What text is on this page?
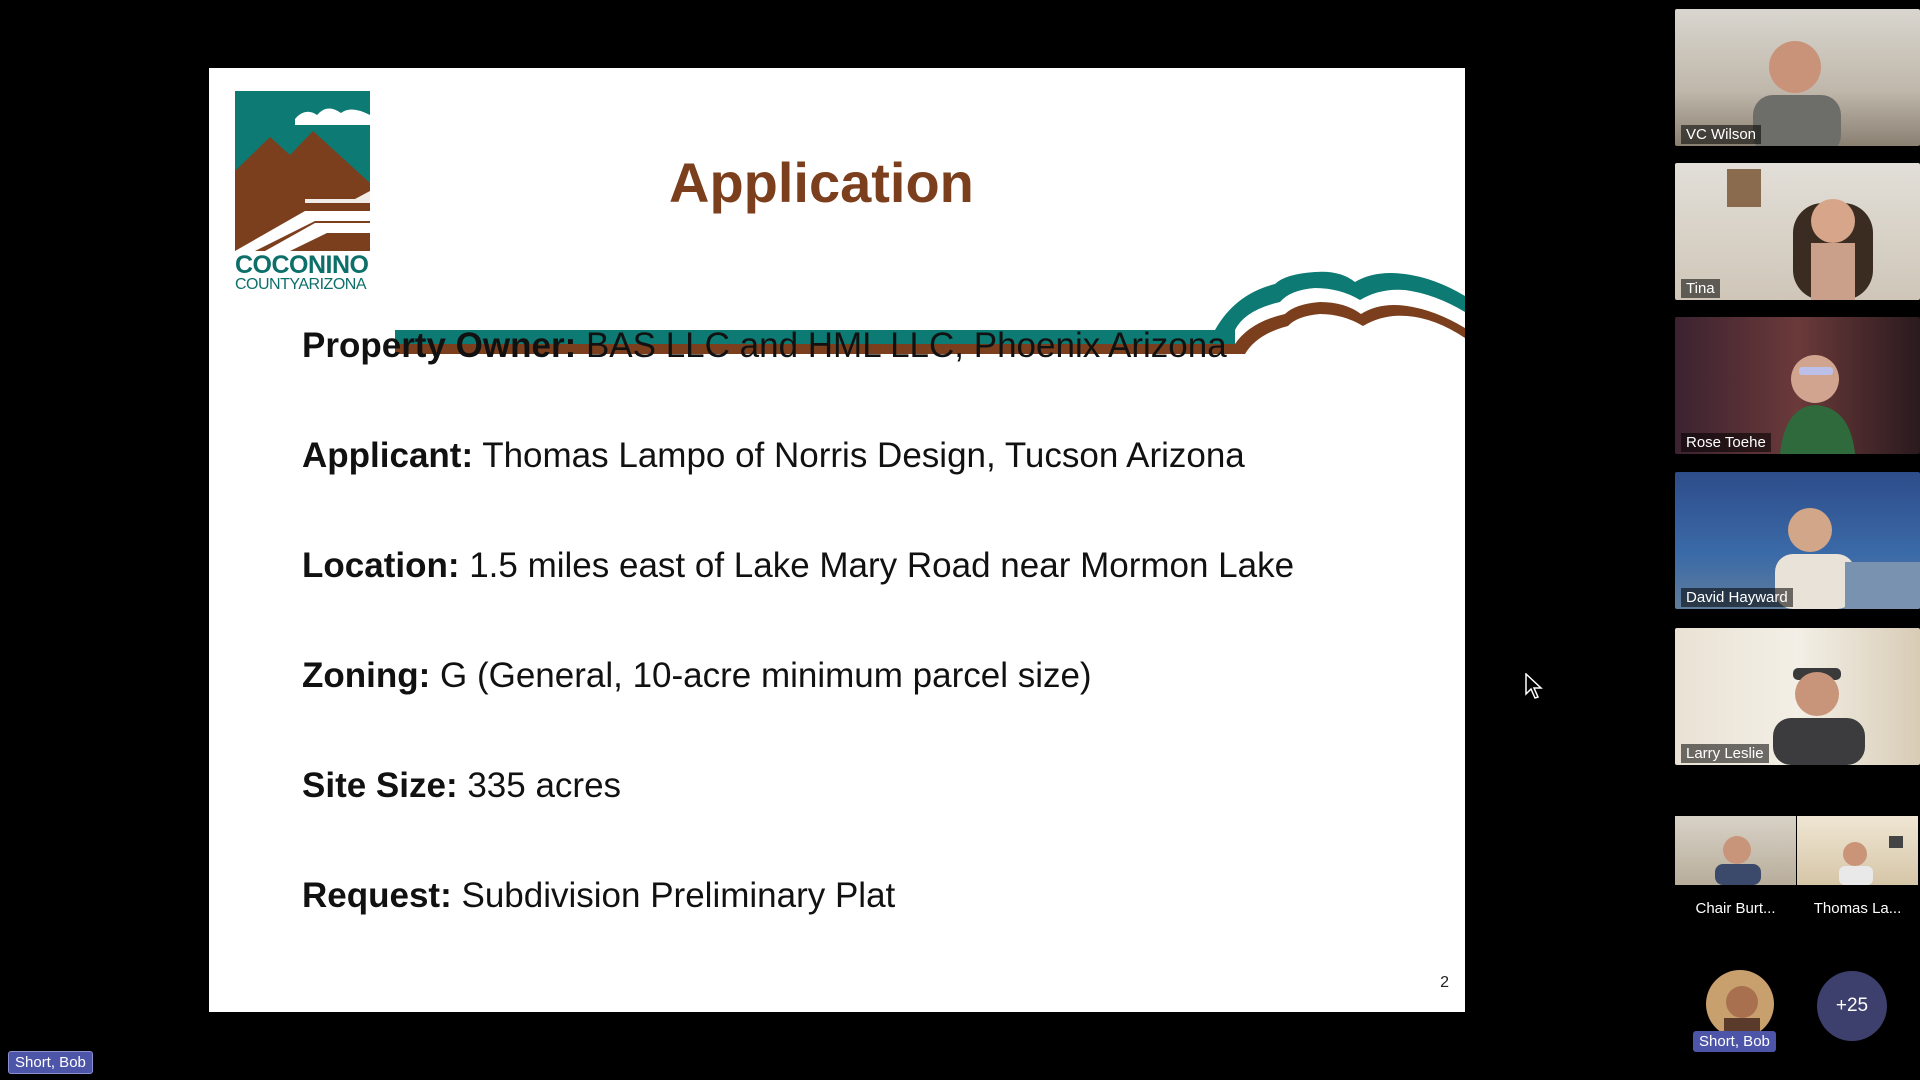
COCONINO
COUNTYARIZONA
Application
Property Owner: BAS LLC and HML LLC, Phoenix Arizona
Applicant: Thomas Lampo of Norris Design, Tucson Arizona
Location: 1.5 miles east of Lake Mary Road near Mormon Lake
Zoning: G (General, 10-acre minimum parcel size)
Site Size: 335 acres
Request: Subdivision Preliminary Plat
2
VC Wilson
Tina
Rose Toehe
David Hayward
Larry Leslie
Chair Burt...	Thomas La...
Short, Bob
+25
Short, Bob
